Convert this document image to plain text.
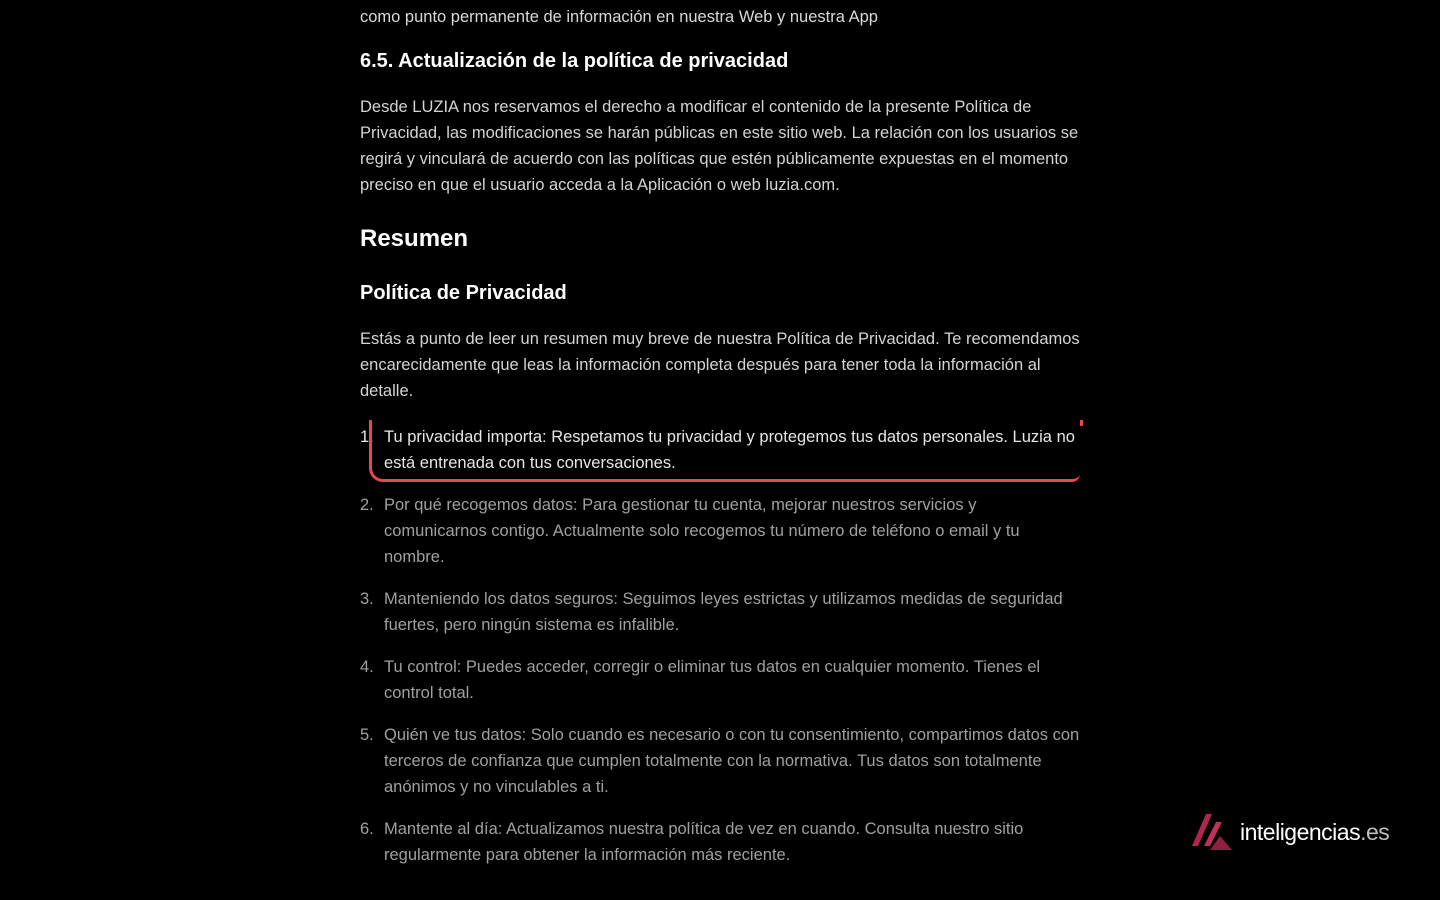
como punto permanente de información en nuestra Web y nuestra App
6.5. Actualización de la política de privacidad

Desde LUZIA nos reservamos el derecho a modificar el contenido de la presente Política de Privacidad, las modificaciones se harán públicas en este sitio web. La relación con los usuarios se regirá y vinculará de acuerdo con las políticas que estén públicamente expuestas en el momento preciso en que el usuario acceda a la Aplicación o web luzia.com.

Resumen
Política de Privacidad

Estás a punto de leer un resumen muy breve de nuestra Política de Privacidad. Te recomendamos encarecidamente que leas la información completa después para tener toda la información al detalle.

1. Tu privacidad importa: Respetamos tu privacidad y protegemos tus datos personales. Luzia no está entrenada con tus conversaciones.
2. Por qué recogemos datos: Para gestionar tu cuenta, mejorar nuestros servicios y comunicarnos contigo. Actualmente solo recogemos tu número de teléfono o email y tu nombre.
3. Manteniendo los datos seguros: Seguimos leyes estrictas y utilizamos medidas de seguridad fuertes, pero ningún sistema es infalible.
4. Tu control: Puedes acceder, corregir o eliminar tus datos en cualquier momento. Tienes el control total.
5. Quién ve tus datos: Solo cuando es necesario o con tu consentimiento, compartimos datos con terceros de confianza que cumplen totalmente con la normativa. Tus datos son totalmente anónimos y no vinculables a ti.
6. Mantente al día: Actualizamos nuestra política de vez en cuando. Consulta nuestro sitio regularmente para obtener la información más reciente.
inteligencias.es
